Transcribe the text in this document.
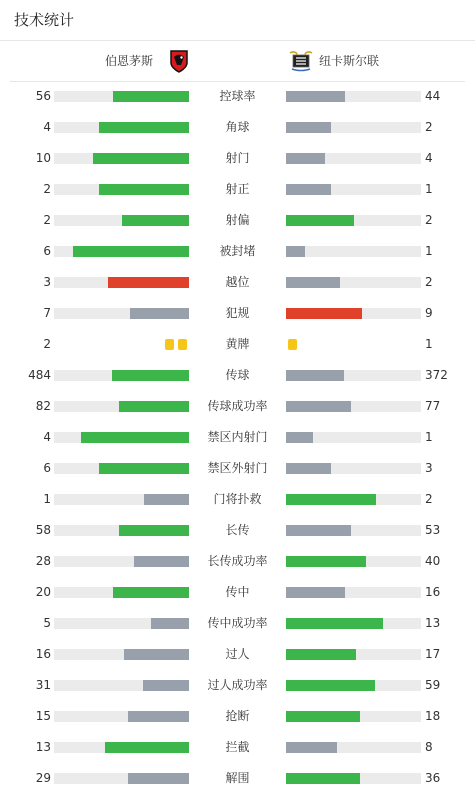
技术统计
伯恩茅斯	纽卡斯尔联
56	控球率	44
4	角球	2
10	射门	4
2	射正	1
2	射偏	2
6	被封堵	1
3	越位	2
7	犯规	9
2	黄牌	1
484	传球	372
82	传球成功率	77
4	禁区内射门	1
6	禁区外射门	3
1	门将扑救	2
58	长传	53
28	长传成功率	40
20	传中	16
5	传中成功率	13
16	过人	17
31	过人成功率	59
15	抢断	18
13	拦截	8
29	解围	36
